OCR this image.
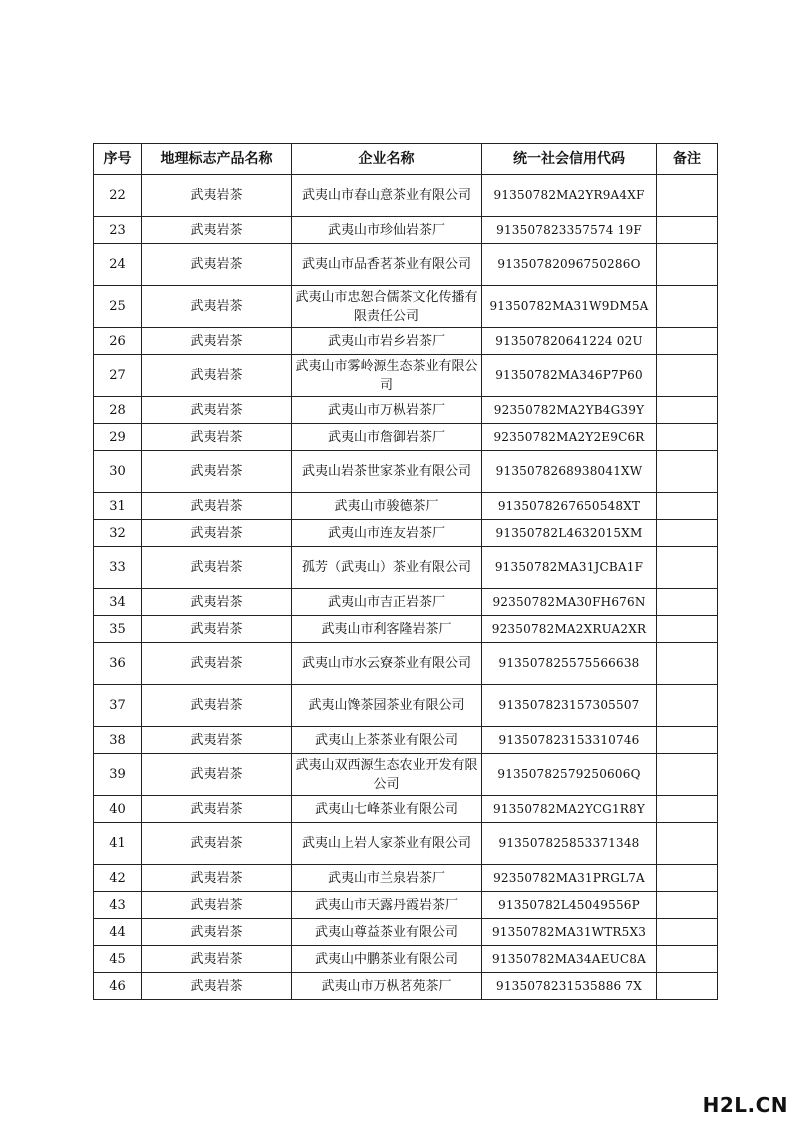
序号	地理标志产品名称	企业名称	统一社会信用代码	备注
22	武夷岩茶	武夷山市春山意茶业有限公司	91350782MA2YR9A4XF	
23	武夷岩茶	武夷山市珍仙岩茶厂	913507823357574 19F	
24	武夷岩茶	武夷山市品香茗茶业有限公司	91350782096750286O	
25	武夷岩茶	武夷山市忠恕合儒茶文化传播有限责任公司	91350782MA31W9DM5A	
26	武夷岩茶	武夷山市岩乡岩茶厂	913507820641224 02U	
27	武夷岩茶	武夷山市雾岭源生态茶业有限公司	91350782MA346P7P60	
28	武夷岩茶	武夷山市万枞岩茶厂	92350782MA2YB4G39Y	
29	武夷岩茶	武夷山市詹御岩茶厂	92350782MA2Y2E9C6R	
30	武夷岩茶	武夷山岩茶世家茶业有限公司	9135078268938041XW	
31	武夷岩茶	武夷山市骏德茶厂	9135078267650548XT	
32	武夷岩茶	武夷山市连友岩茶厂	91350782L4632015XM	
33	武夷岩茶	孤芳（武夷山）茶业有限公司	91350782MA31JCBA1F	
34	武夷岩茶	武夷山市吉正岩茶厂	92350782MA30FH676N	
35	武夷岩茶	武夷山市利客隆岩茶厂	92350782MA2XRUA2XR	
36	武夷岩茶	武夷山市水云寮茶业有限公司	913507825575566638	
37	武夷岩茶	武夷山馋茶园茶业有限公司	913507823157305507	
38	武夷岩茶	武夷山上茶茶业有限公司	913507823153310746	
39	武夷岩茶	武夷山双西源生态农业开发有限公司	91350782579250606Q	
40	武夷岩茶	武夷山七峰茶业有限公司	91350782MA2YCG1R8Y	
41	武夷岩茶	武夷山上岩人家茶业有限公司	913507825853371348	
42	武夷岩茶	武夷山市兰泉岩茶厂	92350782MA31PRGL7A	
43	武夷岩茶	武夷山市天露丹霞岩茶厂	91350782L45049556P	
44	武夷岩茶	武夷山尊益茶业有限公司	91350782MA31WTR5X3	
45	武夷岩茶	武夷山中鹏茶业有限公司	91350782MA34AEUC8A	
46	武夷岩茶	武夷山市万枞茗苑茶厂	9135078231535886 7X	
H2L.CN
